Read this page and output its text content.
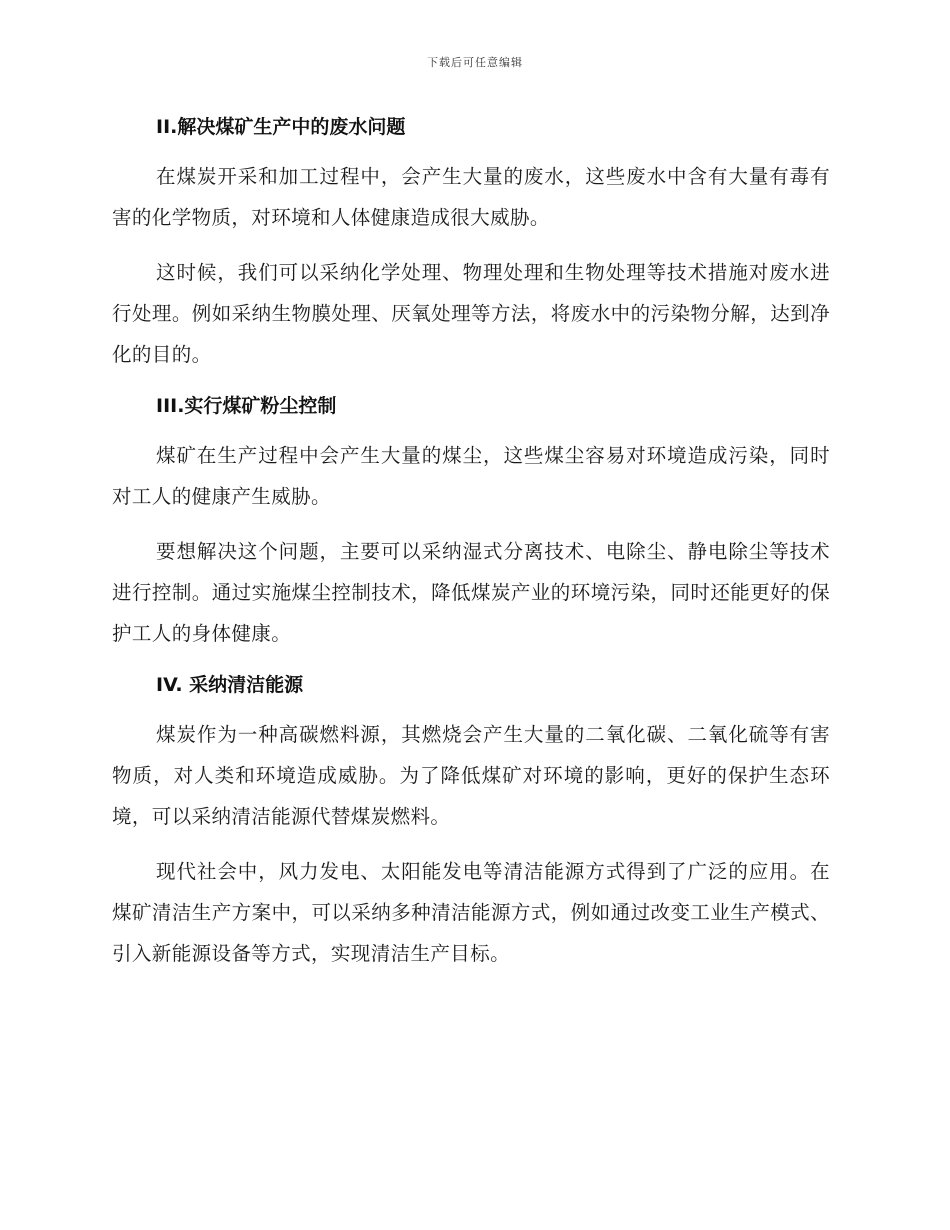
下载后可任意编辑
II.解决煤矿生产中的废水问题

在煤炭开采和加工过程中，会产生大量的废水，这些废水中含有大量有毒有害的化学物质，对环境和人体健康造成很大威胁。

这时候，我们可以采纳化学处理、物理处理和生物处理等技术措施对废水进行处理。例如采纳生物膜处理、厌氧处理等方法，将废水中的污染物分解，达到净化的目的。

III.实行煤矿粉尘控制

煤矿在生产过程中会产生大量的煤尘，这些煤尘容易对环境造成污染，同时对工人的健康产生威胁。

要想解决这个问题，主要可以采纳湿式分离技术、电除尘、静电除尘等技术进行控制。通过实施煤尘控制技术，降低煤炭产业的环境污染，同时还能更好的保护工人的身体健康。

IV. 采纳清洁能源

煤炭作为一种高碳燃料源，其燃烧会产生大量的二氧化碳、二氧化硫等有害物质，对人类和环境造成威胁。为了降低煤矿对环境的影响，更好的保护生态环境，可以采纳清洁能源代替煤炭燃料。

现代社会中，风力发电、太阳能发电等清洁能源方式得到了广泛的应用。在煤矿清洁生产方案中，可以采纳多种清洁能源方式，例如通过改变工业生产模式、引入新能源设备等方式，实现清洁生产目标。
